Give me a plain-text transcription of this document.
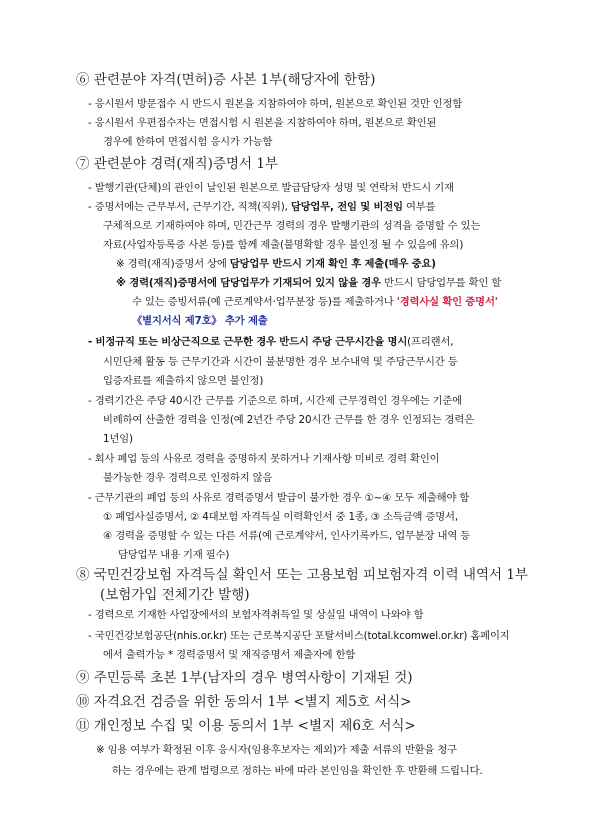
⑥ 관련분야 자격(면허)증 사본 1부(해당자에 한함)
- 응시원서 방문접수 시 반드시 원본을 지참하여야 하며, 원본으로 확인된 것만 인정함
- 응시원서 우편접수자는 면접시험 시 원본을 지참하여야 하며, 원본으로 확인된
경우에 한하여 면접시험 응시가 가능함
⑦ 관련분야 경력(재직)증명서 1부
- 발행기관(단체)의 관인이 날인된 원본으로 발급담당자 성명 및 연락처 반드시 기재
- 증명서에는 근무부서, 근무기간, 직책(직위), 담당업무, 전임 및 비전임 여부를
구체적으로 기재하여야 하며, 민간근무 경력의 경우 발행기관의 성격을 증명할 수 있는
자료(사업자등록증 사본 등)를 함께 제출(불명확할 경우 불인정 될 수 있음에 유의)
※ 경력(재직)증명서 상에 담당업무 반드시 기재 확인 후 제출(매우 중요)
※ 경력(재직)증명서에 담당업무가 기재되어 있지 않을 경우 반드시 담당업무를 확인 할
수 있는 증빙서류(예 근로계약서·업무분장 등)를 제출하거나 '경력사실 확인 증명서'
《별지서식 제7호》 추가 제출
- 비정규직 또는 비상근직으로 근무한 경우 반드시 주당 근무시간을 명시(프리랜서,
시민단체 활동 등 근무기간과 시간이 불분명한 경우 보수내역 및 주당근무시간 등
입증자료를 제출하지 않으면 불인정)
- 경력기간은 주당 40시간 근무를 기준으로 하며, 시간제 근무경력인 경우에는 기준에
비례하여 산출한 경력을 인정(예 2년간 주당 20시간 근무를 한 경우 인정되는 경력은
1년임)
- 회사 폐업 등의 사유로 경력을 증명하지 못하거나 기재사항 미비로 경력 확인이
불가능한 경우 경력으로 인정하지 않음
- 근무기관의 폐업 등의 사유로 경력증명서 발급이 불가한 경우 ①~④ 모두 제출해야 함
① 폐업사실증명서, ② 4대보험 자격득실 이력확인서 중 1종, ③ 소득금액 증명서,
④ 경력을 증명할 수 있는 다른 서류(예 근로계약서, 인사기록카드, 업무분장 내역 등
담당업무 내용 기재 필수)
⑧ 국민건강보험 자격득실 확인서 또는 고용보험 피보험자격 이력 내역서 1부
(보험가입 전체기간 발행)
- 경력으로 기재한 사업장에서의 보험자격취득일 및 상실일 내역이 나와야 함
- 국민건강보험공단(nhis.or.kr) 또는 근로복지공단 포탈서비스(total.kcomwel.or.kr) 홈페이지
에서 출력가능 * 경력증명서 및 재직증명서 제출자에 한함
⑨ 주민등록 초본 1부(남자의 경우 병역사항이 기재된 것)
⑩ 자격요건 검증을 위한 동의서 1부 <별지 제5호 서식>
⑪ 개인정보 수집 및 이용 동의서 1부 <별지 제6호 서식>
※ 임용 여부가 확정된 이후 응시자(임용후보자는 제외)가 제출 서류의 반환을 청구
하는 경우에는 관계 법령으로 정하는 바에 따라 본인임을 확인한 후 반환해 드립니다.
